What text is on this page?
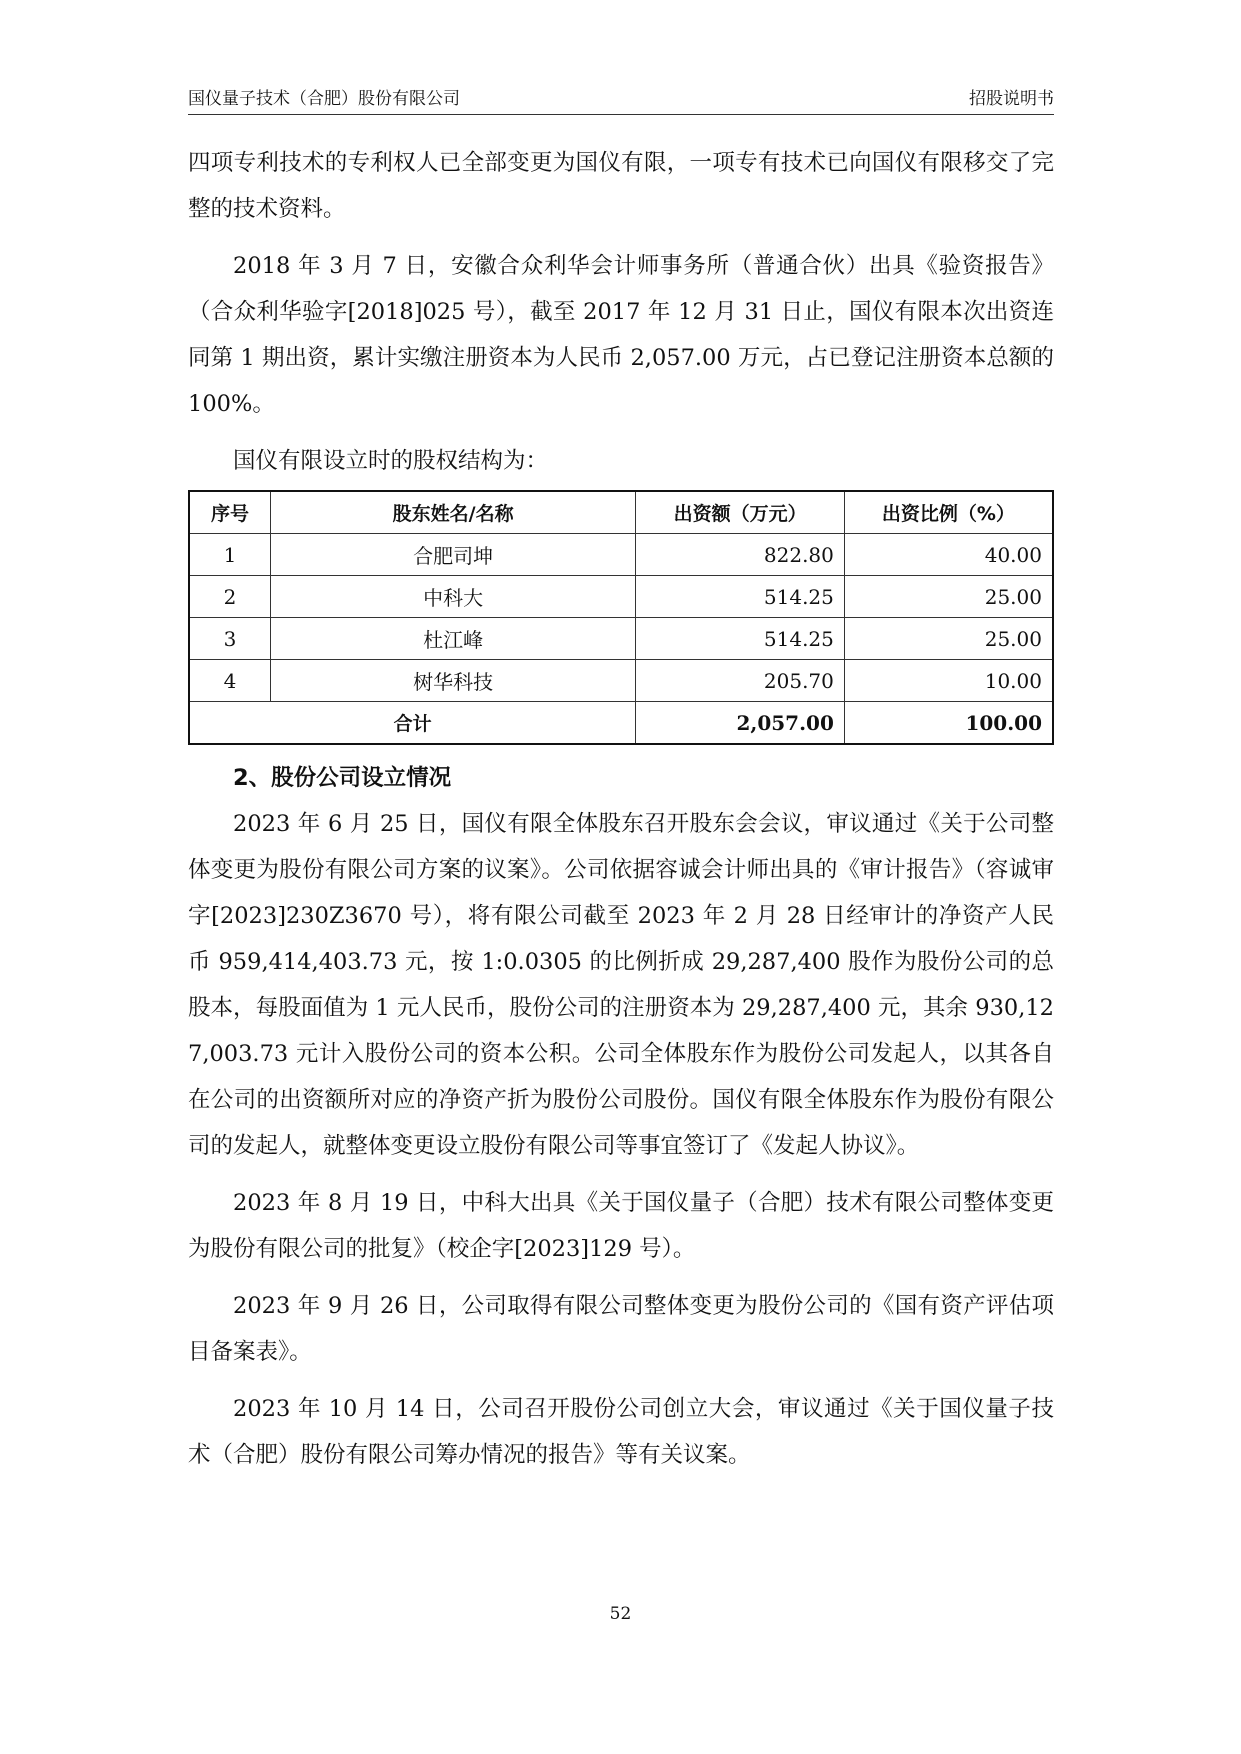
国仪量子技术（合肥）股份有限公司	招股说明书

四项专利技术的专利权人已全部变更为国仪有限，一项专有技术已向国仪有限移交了完整的技术资料。

2018 年 3 月 7 日，安徽合众利华会计师事务所（普通合伙）出具《验资报告》（合众利华验字[2018]025 号），截至 2017 年 12 月 31 日止，国仪有限本次出资连同第 1 期出资，累计实缴注册资本为人民币 2,057.00 万元，占已登记注册资本总额的 100%。

国仪有限设立时的股权结构为：

序号	股东姓名/名称	出资额（万元）	出资比例（%）
1	合肥司坤	822.80	40.00
2	中科大	514.25	25.00
3	杜江峰	514.25	25.00
4	树华科技	205.70	10.00
合计		2,057.00	100.00

2、股份公司设立情况

2023 年 6 月 25 日，国仪有限全体股东召开股东会会议，审议通过《关于公司整体变更为股份有限公司方案的议案》。公司依据容诚会计师出具的《审计报告》（容诚审字[2023]230Z3670 号），将有限公司截至 2023 年 2 月 28 日经审计的净资产人民币 959,414,403.73 元，按 1:0.0305 的比例折成 29,287,400 股作为股份公司的总股本，每股面值为 1 元人民币，股份公司的注册资本为 29,287,400 元，其余 930,127,003.73 元计入股份公司的资本公积。公司全体股东作为股份公司发起人，以其各自在公司的出资额所对应的净资产折为股份公司股份。国仪有限全体股东作为股份有限公司的发起人，就整体变更设立股份有限公司等事宜签订了《发起人协议》。

2023 年 8 月 19 日，中科大出具《关于国仪量子（合肥）技术有限公司整体变更为股份有限公司的批复》（校企字[2023]129 号）。

2023 年 9 月 26 日，公司取得有限公司整体变更为股份公司的《国有资产评估项目备案表》。

2023 年 10 月 14 日，公司召开股份公司创立大会，审议通过《关于国仪量子技术（合肥）股份有限公司筹办情况的报告》等有关议案。

52
